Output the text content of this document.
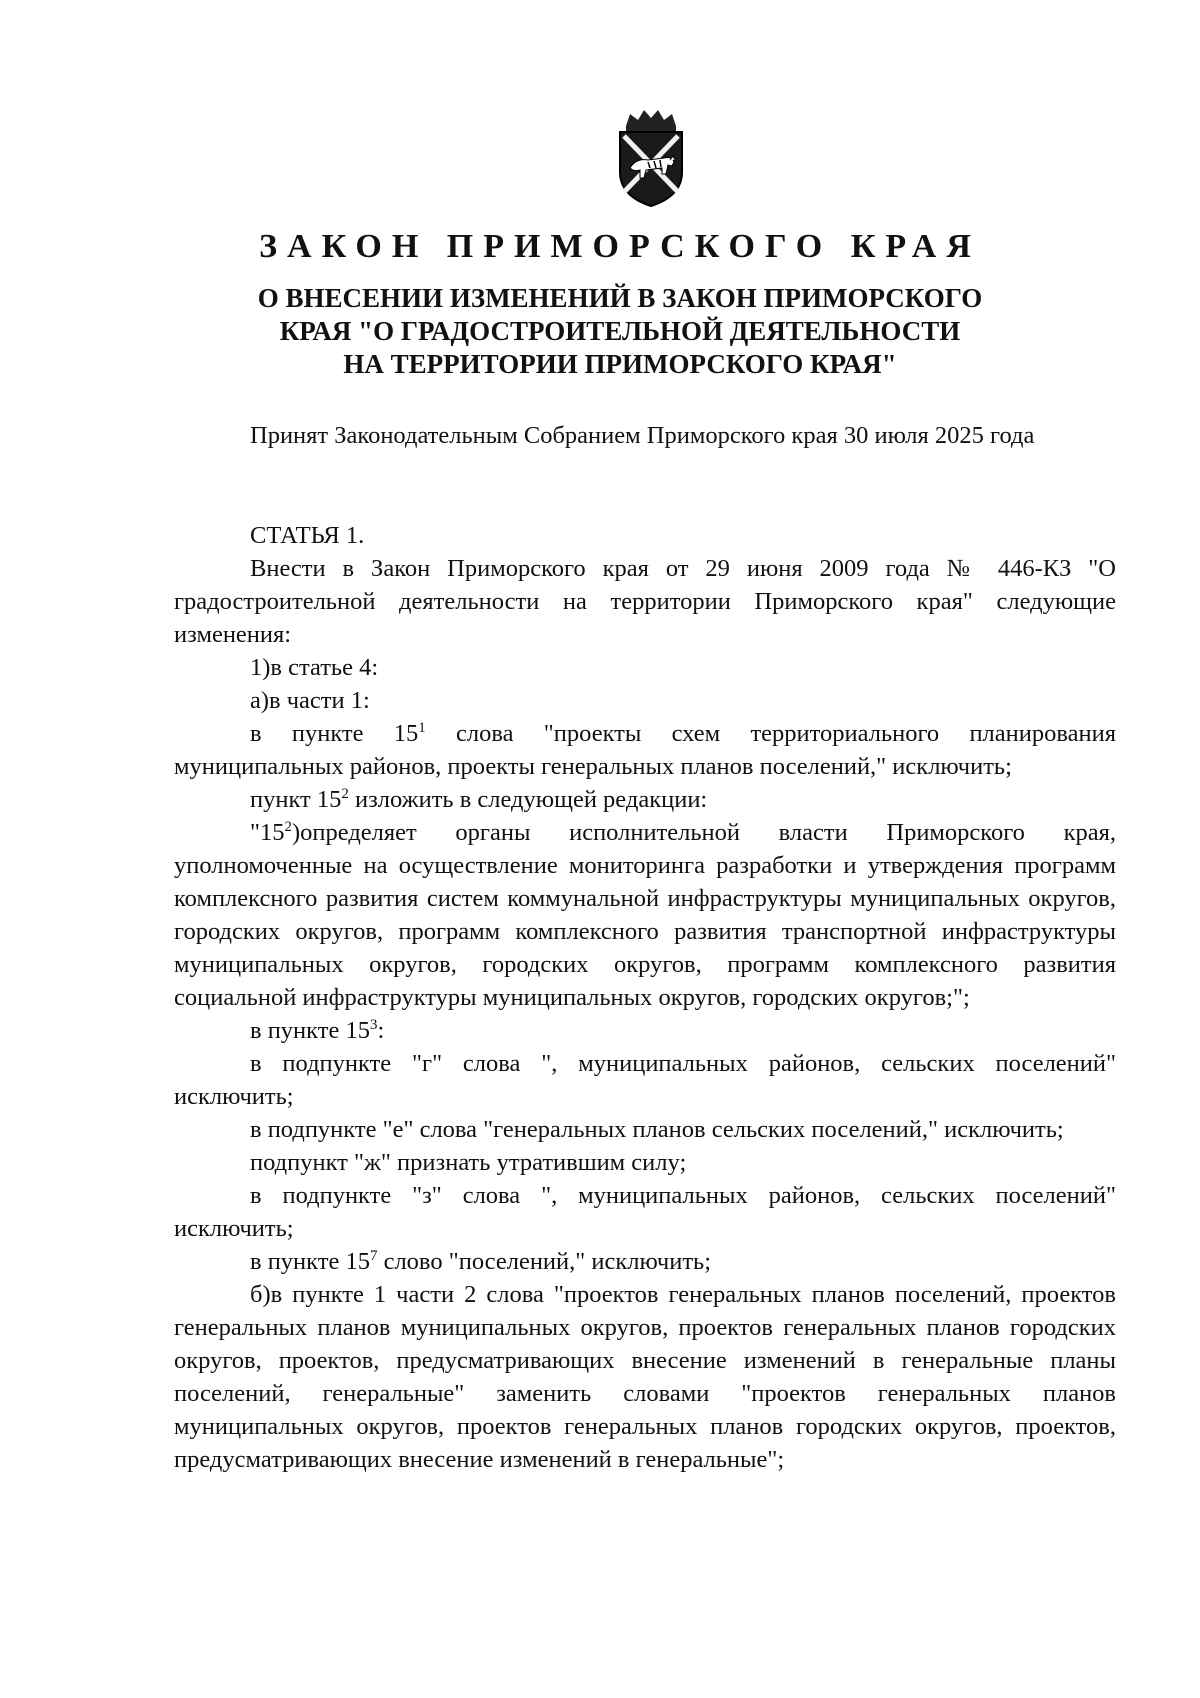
ЗАКОН ПРИМОРСКОГО КРАЯ
О ВНЕСЕНИИ ИЗМЕНЕНИЙ В ЗАКОН ПРИМОРСКОГО
КРАЯ "О ГРАДОСТРОИТЕЛЬНОЙ ДЕЯТЕЛЬНОСТИ
НА ТЕРРИТОРИИ ПРИМОРСКОГО КРАЯ"

Принят Законодательным Собранием Приморского края 30 июля 2025 года

СТАТЬЯ 1.

Внести в Закон Приморского края от 29 июня 2009 года № 446-КЗ "О градостроительной деятельности на территории Приморского края" следующие изменения:

1)в статье 4:

а)в части 1:

в пункте $15^1$ слова "проекты схем территориального планирования муниципальных районов, проекты генеральных планов поселений," исключить;

пункт $15^2$ изложить в следующей редакции:

"$15^2)определяет$ органы исполнительной власти Приморского края, уполномоченные на осуществление мониторинга разработки и утверждения программ комплексного развития систем коммунальной инфраструктуры муниципальных округов, городских округов, программ комплексного развития транспортной инфраструктуры муниципальных округов, городских округов, программ комплексного развития социальной инфраструктуры муниципальных округов, городских округов;";

в пункте $15^3$:

в подпункте "г" слова ", муниципальных районов, сельских поселений" исключить;

в подпункте "е" слова "генеральных планов сельских поселений," исключить;

подпункт "ж" признать утратившим силу;

в подпункте "з" слова ", муниципальных районов, сельских поселений" исключить;

в пункте $15^7$ слово "поселений," исключить;

б)в пункте 1 части 2 слова "проектов генеральных планов поселений, проектов генеральных планов муниципальных округов, проектов генеральных планов городских округов, проектов, предусматривающих внесение изменений в генеральные планы поселений, генеральные" заменить словами "проектов генеральных планов муниципальных округов, проектов генеральных планов городских округов, проектов, предусматривающих внесение изменений в генеральные";
